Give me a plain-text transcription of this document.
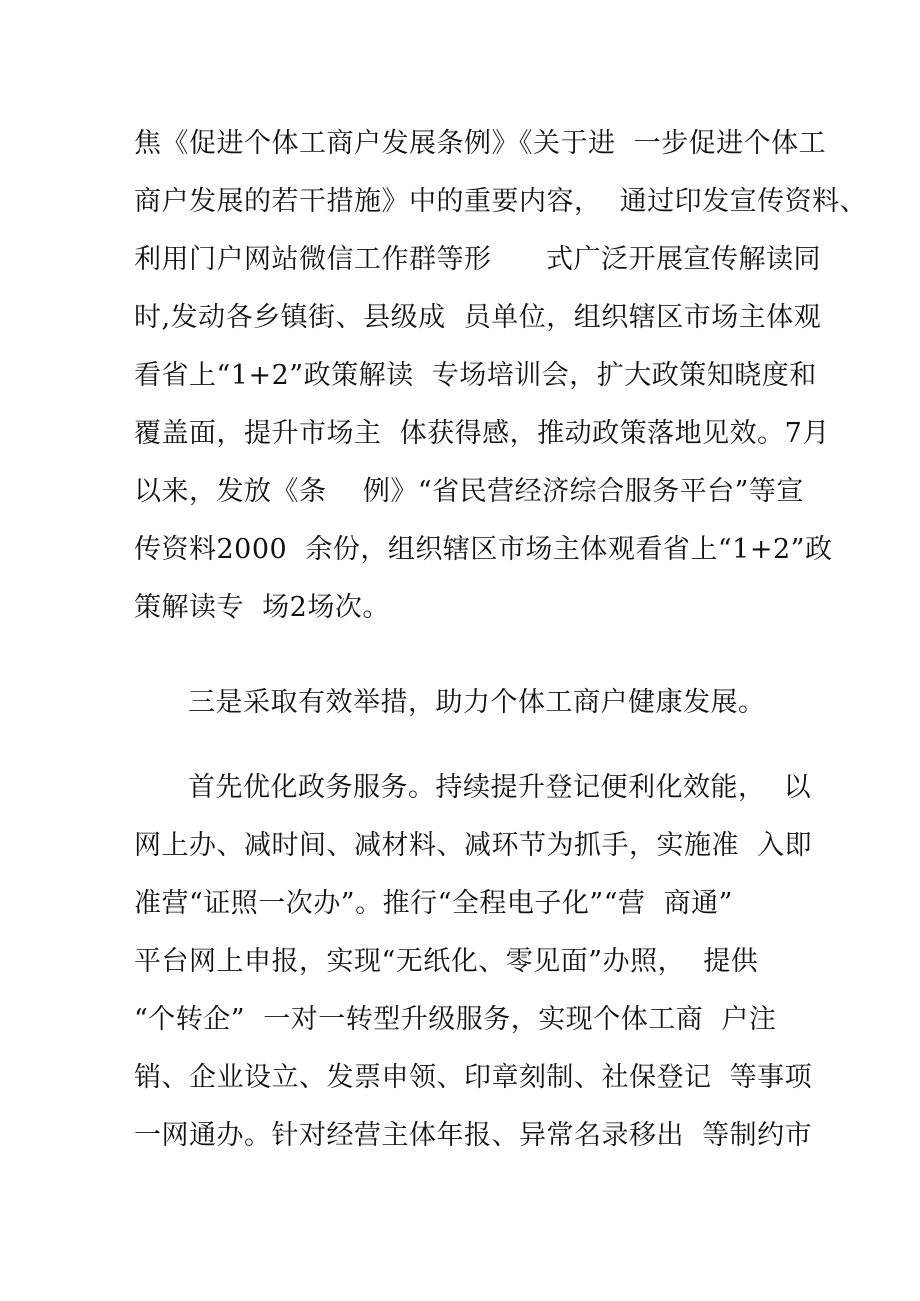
焦《促进个体工商户发展条例》《关于进  一步促进个体工
商户发展的若干措施》中的重要内容，  通过印发宣传资料、
利用门户网站微信工作群等形      式广泛开展宣传解读同
时,发动各乡镇街、县级成  员单位，组织辖区市场主体观
看省上“1+2”政策解读  专场培训会，扩大政策知晓度和
覆盖面，提升市场主  体获得感，推动政策落地见效。7月
以来，发放《条    例》“省民营经济综合服务平台”等宣
传资料2000  余份，组织辖区市场主体观看省上“1+2”政
策解读专  场2场次。
三是采取有效举措，助力个体工商户健康发展。
首先优化政务服务。持续提升登记便利化效能，  以
网上办、减时间、减材料、减环节为抓手，实施准  入即
准营“证照一次办”。推行“全程电子化”“营  商通”
平台网上申报，实现“无纸化、零见面”办照，  提供
“个转企”  一对一转型升级服务，实现个体工商  户注
销、企业设立、发票申领、印章刻制、社保登记  等事项
一网通办。针对经营主体年报、异常名录移出  等制约市
